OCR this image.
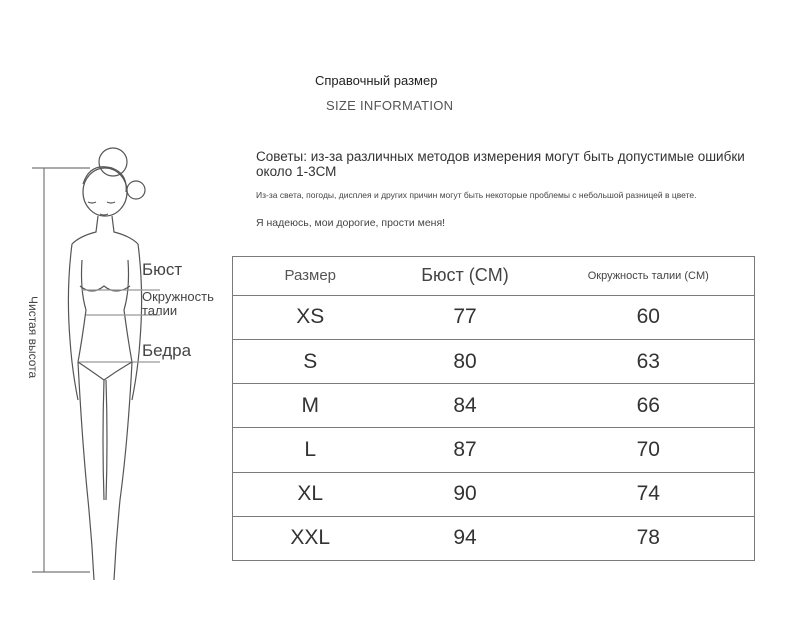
Справочный размер
SIZE INFORMATION
Советы: из-за различных методов измерения могут быть допустимые ошибки около 1-3СМ
Из-за света, погоды, дисплея и других причин могут быть некоторые проблемы с небольшой разницей в цвете.
Я надеюсь, мои дорогие, прости меня!
Бюст
Окружность талии
Бедра
Чистая высота
Размер	Бюст (CM)	Окружность талии (CM)
XS	77	60
S	80	63
M	84	66
L	87	70
XL	90	74
XXL	94	78
